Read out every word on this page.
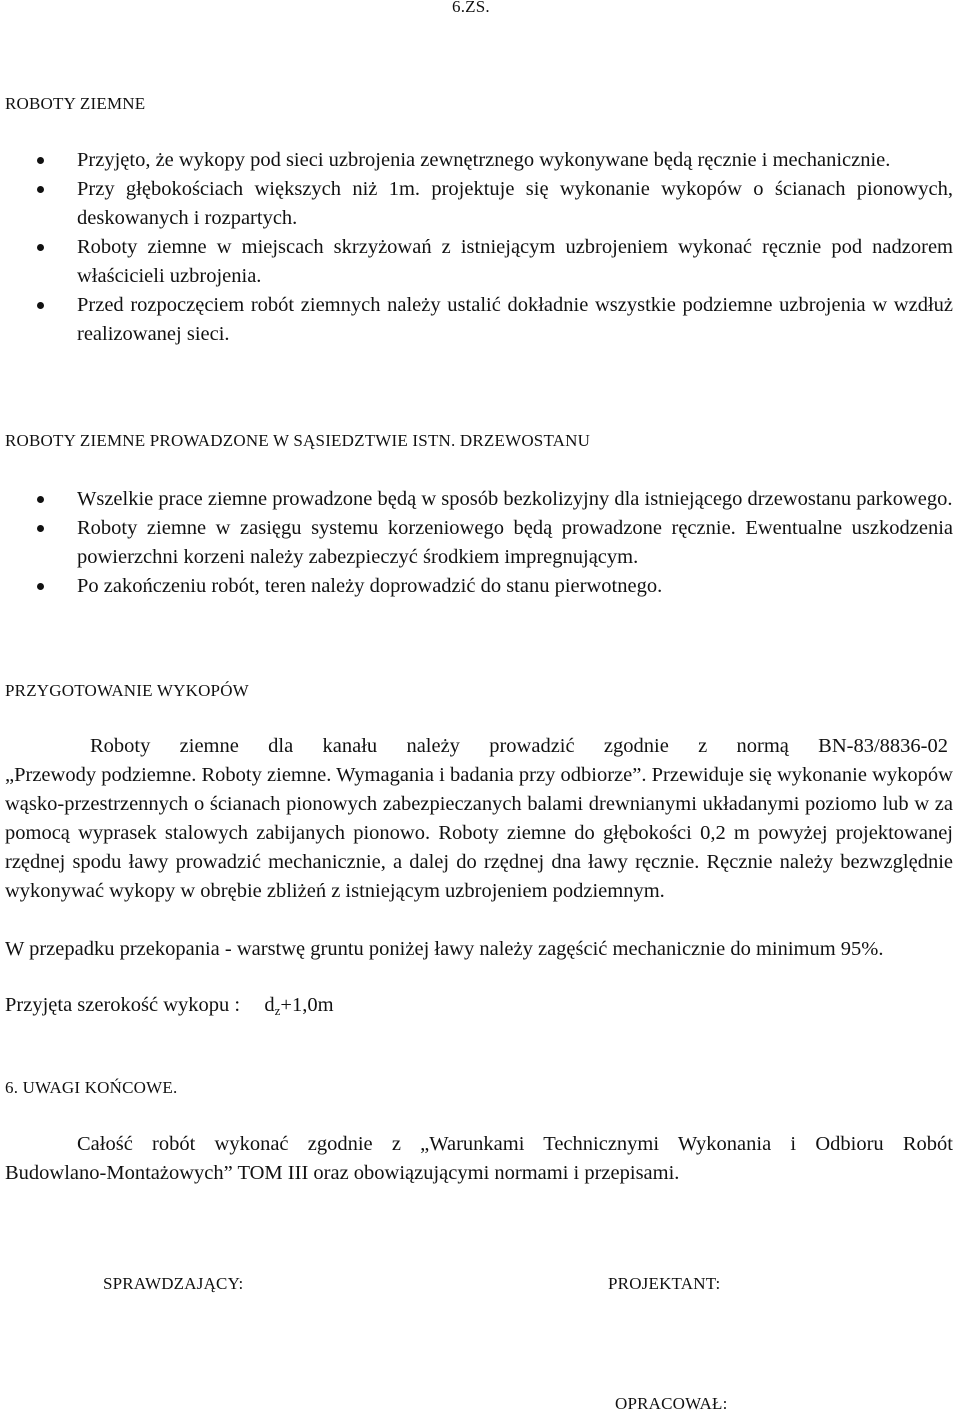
6.ZS.
ROBOTY ZIEMNE
Przyjęto, że wykopy pod sieci uzbrojenia zewnętrznego wykonywane będą ręcznie i mechanicznie.
Przy głębokościach większych niż 1m. projektuje się wykonanie wykopów o ścianach pionowych, deskowanych i rozpartych.
Roboty ziemne w miejscach skrzyżowań z istniejącym uzbrojeniem wykonać ręcznie pod nadzorem właścicieli uzbrojenia.
Przed rozpoczęciem robót ziemnych należy ustalić dokładnie wszystkie podziemne uzbrojenia w wzdłuż realizowanej sieci.
ROBOTY ZIEMNE PROWADZONE W SĄSIEDZTWIE ISTN. DRZEWOSTANU
Wszelkie prace ziemne prowadzone będą w sposób bezkolizyjny dla istniejącego drzewostanu parkowego.
Roboty ziemne w zasięgu systemu korzeniowego będą prowadzone ręcznie. Ewentualne uszkodzenia powierzchni korzeni należy zabezpieczyć środkiem impregnującym.
Po zakończeniu robót, teren należy doprowadzić do stanu pierwotnego.
PRZYGOTOWANIE WYKOPÓW
Roboty ziemne dla kanału należy prowadzić zgodnie z normą BN-83/8836-02
„Przewody podziemne. Roboty ziemne. Wymagania i badania przy odbiorze”. Przewiduje się wykonanie wykopów wąsko-przestrzennych o ścianach pionowych zabezpieczanych balami drewnianymi układanymi poziomo lub w za pomocą wyprasek stalowych zabijanych pionowo. Roboty ziemne do głębokości 0,2 m powyżej projektowanej rzędnej spodu ławy prowadzić mechanicznie, a dalej do rzędnej dna ławy ręcznie. Ręcznie należy bezwzględnie wykonywać wykopy w obrębie zbliżeń z istniejącym uzbrojeniem podziemnym.
W przepadku przekopania - warstwę gruntu poniżej ławy należy zagęścić mechanicznie do minimum 95%.
Przyjęta szerokość wykopu : $d_z+1,0m$
6. UWAGI KOŃCOWE.
Całość robót wykonać zgodnie z „Warunkami Technicznymi Wykonania i Odbioru Robót
Budowlano-Montażowych” TOM III oraz obowiązującymi normami i przepisami.
SPRAWDZAJĄCY:	PROJEKTANT:
OPRACOWAŁ:
